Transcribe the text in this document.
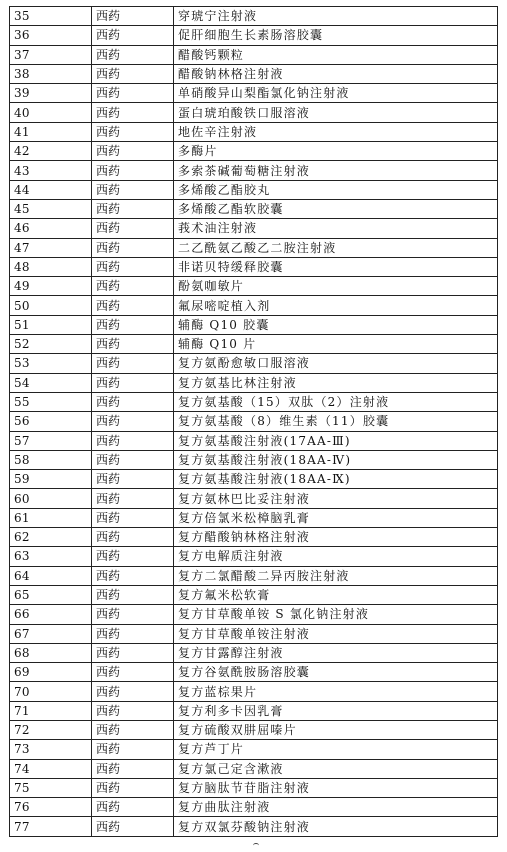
35	西药	穿琥宁注射液
36	西药	促肝细胞生长素肠溶胶囊
37	西药	醋酸钙颗粒
38	西药	醋酸钠林格注射液
39	西药	单硝酸异山梨酯氯化钠注射液
40	西药	蛋白琥珀酸铁口服溶液
41	西药	地佐辛注射液
42	西药	多酶片
43	西药	多索茶碱葡萄糖注射液
44	西药	多烯酸乙酯胶丸
45	西药	多烯酸乙酯软胶囊
46	西药	莪术油注射液
47	西药	二乙酰氨乙酸乙二胺注射液
48	西药	非诺贝特缓释胶囊
49	西药	酚氨咖敏片
50	西药	氟尿嘧啶植入剂
51	西药	辅酶 Q10 胶囊
52	西药	辅酶 Q10 片
53	西药	复方氨酚愈敏口服溶液
54	西药	复方氨基比林注射液
55	西药	复方氨基酸（15）双肽（2）注射液
56	西药	复方氨基酸（8）维生素（11）胶囊
57	西药	复方氨基酸注射液(17AA-Ⅲ)
58	西药	复方氨基酸注射液(18AA-Ⅳ)
59	西药	复方氨基酸注射液(18AA-Ⅸ)
60	西药	复方氨林巴比妥注射液
61	西药	复方倍氯米松樟脑乳膏
62	西药	复方醋酸钠林格注射液
63	西药	复方电解质注射液
64	西药	复方二氯醋酸二异丙胺注射液
65	西药	复方氟米松软膏
66	西药	复方甘草酸单铵 S 氯化钠注射液
67	西药	复方甘草酸单铵注射液
68	西药	复方甘露醇注射液
69	西药	复方谷氨酰胺肠溶胶囊
70	西药	复方蓝棕果片
71	西药	复方利多卡因乳膏
72	西药	复方硫酸双肼屈嗪片
73	西药	复方芦丁片
74	西药	复方氯己定含漱液
75	西药	复方脑肽节苷脂注射液
76	西药	复方曲肽注射液
77	西药	复方双氯芬酸钠注射液
